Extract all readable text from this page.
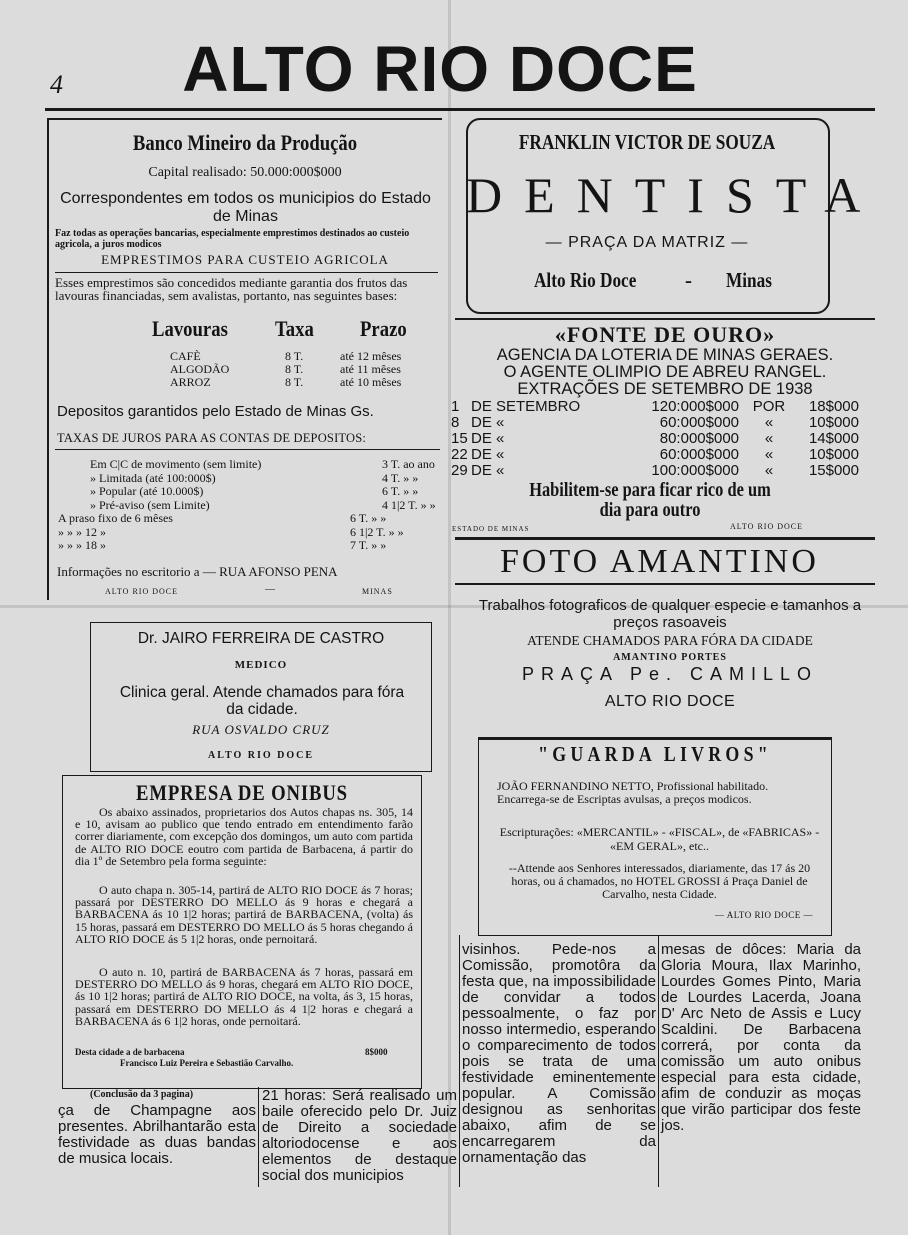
4	ALTO RIO DOCE
Banco Mineiro da Produção
Capital realisado: 50.000:000$000
Correspondentes em todos os municipios do Estado de Minas
Faz todas as operações bancarias, especialmente emprestimos destinados ao custeio agricola, a juros modicos
EMPRESTIMOS PARA CUSTEIO AGRICOLA
Esses emprestimos são concedidos mediante garantia dos frutos das lavouras financiadas, sem avalistas, portanto, nas seguintes bases:
Lavouras Taxa Prazo
CAFÈ	8 T.	até 12 mêses
ALGODÃO	8 T.	até 11 mêses
ARROZ	8 T.	até 10 mêses
Depositos garantidos pelo Estado de Minas Gs.
TAXAS DE JUROS PARA AS CONTAS DE DEPOSITOS:
Em C|C de movimento (sem limite)	3 T. ao ano
» Limitada (até 100:000$)	4 T. » »
» Popular (até 10.000$)	6 T. » »
» Pré-aviso (sem Limite)	4 1|2 T. » »
A praso fixo de 6 mêses	6 T. » »
» » » 12 »	6 1|2 T. » »
» » » 18 »	7 T. » »
Informações no escritorio a — RUA AFONSO PENA
ALTO RIO DOCE	—	MINAS
FRANKLIN VICTOR DE SOUZA
DENTISTA
— PRAÇA DA MATRIZ —
Alto Rio Doce - Minas
«FONTE DE OURO»
AGENCIA DA LOTERIA DE MINAS GERAES.
O AGENTE OLIMPIO DE ABREU RANGEL.
EXTRAÇÕES DE SETEMBRO DE 1938
1 DE SETEMBRO	120:000$000 POR	18$000
8 DE «	60:000$000	«	10$000
15 DE «	80:000$000	«	14$000
22 DE «	60:000$000	«	10$000
29 DE «	100:000$000	«	15$000
Habilitem-se para ficar rico de um dia para outro
ESTADO DE MINAS	ALTO RIO DOCE
FOTO AMANTINO
Trabalhos fotograficos de qualquer especie e tamanhos a preços rasoaveis
ATENDE CHAMADOS PARA FÓRA DA CIDADE
AMANTINO PORTES
PRAÇA Pe. CAMILLO
ALTO RIO DOCE
Dr. JAIRO FERREIRA DE CASTRO
MEDICO
Clinica geral. Atende chamados para fóra da cidade.
RUA OSVALDO CRUZ
ALTO RIO DOCE	"GUARDA LIVROS"
JOÃO FERNANDINO NETTO, Profissional habilitado. Encarrega-se de Escriptas avulsas, a preços modicos.
Escripturações: «MERCANTIL» - «FISCAL», de «FABRICAS» - «EM GERAL», etc..
--Attende aos Senhores interessados, diariamente, das 17 ás 20 horas, ou á chamados, no HOTEL GROSSI á Praça Daniel de Carvalho, nesta Cidade.
— ALTO RIO DOCE —
EMPRESA DE ONIBUS
Os abaixo assinados, proprietarios dos Autos chapas ns. 305, 14 e 10, avisam ao publico que tendo entrado em entendimento farão correr diariamente, com excepção dos domingos, um auto com partida de ALTO RIO DOCE eoutro com partida de Barbacena, á partir do dia 1º de Setembro pela forma seguinte:
O auto chapa n. 305-14, partirá de ALTO RIO DOCE ás 7 horas; passará por DESTERRO DO MELLO ás 9 horas e chegará a BARBACENA ás 10 1|2 horas; partirá de BARBACENA, (volta) ás 15 horas, passará em DESTERRO DO MELLO ás 5 horas chegando á ALTO RIO DOCE ás 5 1|2 horas, onde pernoitará.
O auto n. 10, partirá de BARBACENA ás 7 horas, passará em DESTERRO DO MELLO ás 9 horas, chegará em ALTO RIO DOCE, ás 10 1|2 horas; partirá de ALTO RIO DOCE, na volta, ás 3, 15 horas, passará em DESTERRO DO MELLO ás 4 1|2 horas e chegará a BARBACENA ás 6 1|2 horas, onde pernoitará.
Desta cidade a de barbacena	8$000
Francisco Luiz Pereira e Sebastião Carvalho.
(Conclusão da 3 pagina)
ça de Champagne aos presentes. Abrilhantarão esta festividade as duas bandas de musica locais.
21 horas: Será realisado um baile oferecido pelo Dr. Juiz de Direito a sociedade altoriodocense e aos elementos de destaque social dos municipios
visinhos. Pede-nos a Comissão, promotôra da festa que, na impossibilidade de convidar a todos pessoalmente, o faz por nosso intermedio, esperando o comparecimento de todos pois se trata de uma festividade eminentemente popular. A Comissão designou as senhoritas abaixo, afim de se encarregarem da ornamentação das
mesas de dôces: Maria da Gloria Moura, Ilax Marinho, Lourdes Gomes Pinto, Maria de Lourdes Lacerda, Joana D' Arc Neto de Assis e Lucy Scaldini. De Barbacena correrá, por conta da comissão um auto onibus especial para esta cidade, afim de conduzir as moças que virão participar dos feste jos.
